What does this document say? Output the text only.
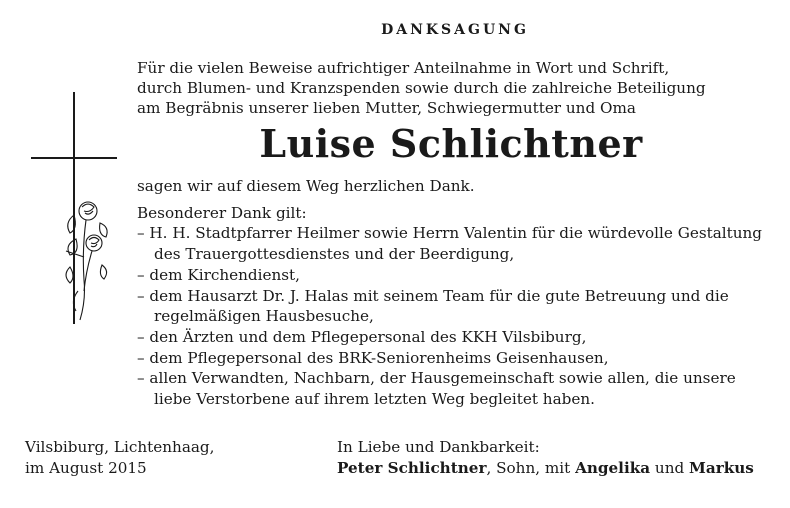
DANKSAGUNG

Für die vielen Beweise aufrichtiger Anteilnahme in Wort und Schrift,

durch Blumen- und Kranzspenden sowie durch die zahlreiche Beteiligung

am Begräbnis unserer lieben Mutter, Schwiegermutter und Oma

Luise Schlichtner

sagen wir auf diesem Weg herzlichen Dank.

Besonderer Dank gilt:

– H. H. Stadtpfarrer Heilmer sowie Herrn Valentin für die würdevolle Gestaltung des Trauergottesdienstes und der Beerdigung,
– dem Kirchendienst,
– dem Hausarzt Dr. J. Halas mit seinem Team für die gute Betreuung und die regelmäßigen Hausbesuche,
– den Ärzten und dem Pflegepersonal des KKH Vilsbiburg,
– dem Pflegepersonal des BRK-Seniorenheims Geisenhausen,
– allen Verwandten, Nachbarn, der Hausgemeinschaft sowie allen, die unsere liebe Verstorbene auf ihrem letzten Weg begleitet haben.
Vilsbiburg, Lichtenhaag,
im August 2015
In Liebe und Dankbarkeit:
Peter Schlichtner, Sohn, mit Angelika und Markus
